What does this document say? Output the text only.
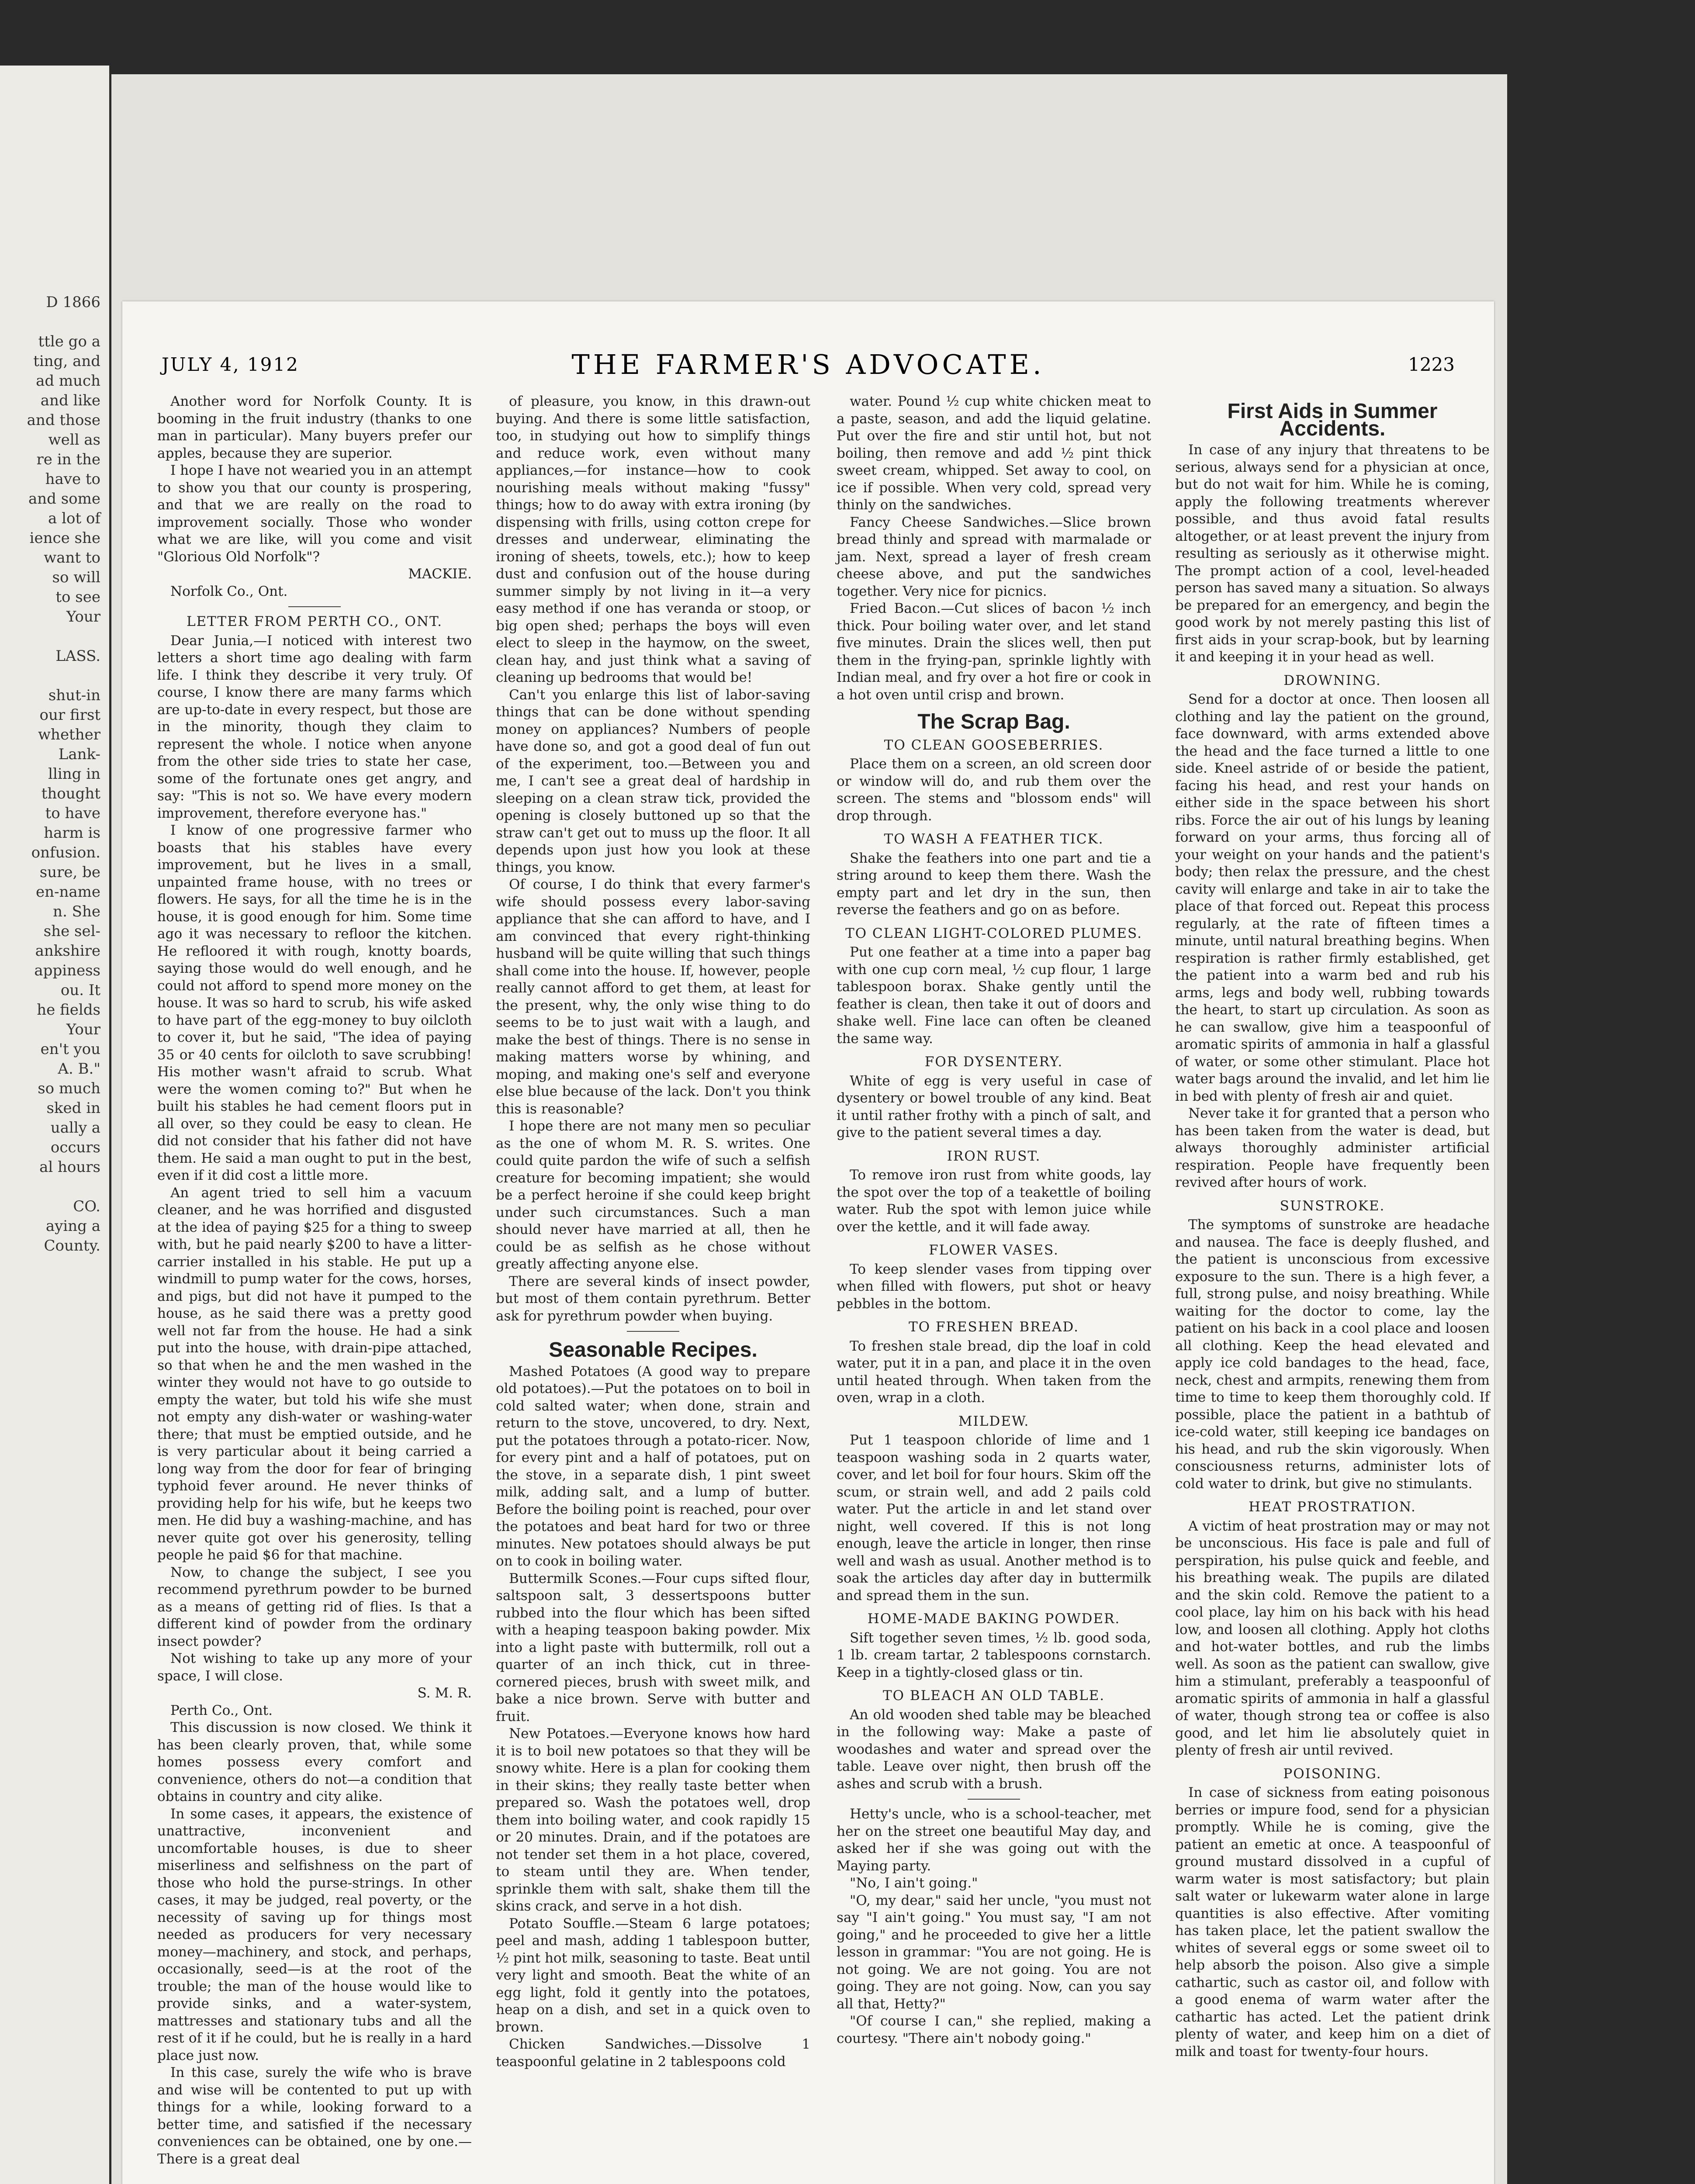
D 1866

ttle go a
ting, and
ad much
and like
and those
well as
re in the
have to
and some
a lot of
ience she
want to
so will
to see
Your

LASS.

shut-in
our first
whether
Lank-
lling in
thought
to have
harm is
onfusion.
sure, be
en-name
n. She
she sel-
ankshire
appiness
ou. It
he fields
Your
en't you
A. B."
so much
sked in
ually a
occurs
al hours

CO.
aying a
County.
JULY 4, 1912	THE FARMER'S ADVOCATE.	1223

Another word for Norfolk County. It is booming in the fruit industry (thanks to one man in particular). Many buyers prefer our apples, because they are superior.

I hope I have not wearied you in an attempt to show you that our county is prospering, and that we are really on the road to improvement socially. Those who wonder what we are like, will you come and visit "Glorious Old Norfolk"?

MACKIE.

Norfolk Co., Ont.

LETTER FROM PERTH CO., ONT.

Dear Junia,—I noticed with interest two letters a short time ago dealing with farm life. I think they describe it very truly. Of course, I know there are many farms which are up-to-date in every respect, but those are in the minority, though they claim to represent the whole. I notice when anyone from the other side tries to state her case, some of the fortunate ones get angry, and say: "This is not so. We have every modern improvement, therefore everyone has."

I know of one progressive farmer who boasts that his stables have every improvement, but he lives in a small, unpainted frame house, with no trees or flowers. He says, for all the time he is in the house, it is good enough for him. Some time ago it was necessary to refloor the kitchen. He refloored it with rough, knotty boards, saying those would do well enough, and he could not afford to spend more money on the house. It was so hard to scrub, his wife asked to have part of the egg-money to buy oilcloth to cover it, but he said, "The idea of paying 35 or 40 cents for oilcloth to save scrubbing! His mother wasn't afraid to scrub. What were the women coming to?" But when he built his stables he had cement floors put in all over, so they could be easy to clean. He did not consider that his father did not have them. He said a man ought to put in the best, even if it did cost a little more.

An agent tried to sell him a vacuum cleaner, and he was horrified and disgusted at the idea of paying $25 for a thing to sweep with, but he paid nearly $200 to have a litter-carrier installed in his stable. He put up a windmill to pump water for the cows, horses, and pigs, but did not have it pumped to the house, as he said there was a pretty good well not far from the house. He had a sink put into the house, with drain-pipe attached, so that when he and the men washed in the winter they would not have to go outside to empty the water, but told his wife she must not empty any dish-water or washing-water there; that must be emptied outside, and he is very particular about it being carried a long way from the door for fear of bringing typhoid fever around. He never thinks of providing help for his wife, but he keeps two men. He did buy a washing-machine, and has never quite got over his generosity, telling people he paid $6 for that machine.

Now, to change the subject, I see you recommend pyrethrum powder to be burned as a means of getting rid of flies. Is that a different kind of powder from the ordinary insect powder?

Not wishing to take up any more of your space, I will close.

S. M. R.

Perth Co., Ont.

This discussion is now closed. We think it has been clearly proven, that, while some homes possess every comfort and convenience, others do not—a condition that obtains in country and city alike.

In some cases, it appears, the existence of unattractive, inconvenient and uncomfortable houses, is due to sheer miserliness and selfishness on the part of those who hold the purse-strings. In other cases, it may be judged, real poverty, or the necessity of saving up for things most needed as producers for very necessary money—machinery, and stock, and perhaps, occasionally, seed—is at the root of the trouble; the man of the house would like to provide sinks, and a water-system, mattresses and stationary tubs and all the rest of it if he could, but he is really in a hard place just now.

In this case, surely the wife who is brave and wise will be contented to put up with things for a while, looking forward to a better time, and satisfied if the necessary conveniences can be obtained, one by one.—There is a great deal

of pleasure, you know, in this drawn-out buying. And there is some little satisfaction, too, in studying out how to simplify things and reduce work, even without many appliances,—for instance—how to cook nourishing meals without making "fussy" things; how to do away with extra ironing (by dispensing with frills, using cotton crepe for dresses and underwear, eliminating the ironing of sheets, towels, etc.); how to keep dust and confusion out of the house during summer simply by not living in it—a very easy method if one has veranda or stoop, or big open shed; perhaps the boys will even elect to sleep in the haymow, on the sweet, clean hay, and just think what a saving of cleaning up bedrooms that would be!

Can't you enlarge this list of labor-saving things that can be done without spending money on appliances? Numbers of people have done so, and got a good deal of fun out of the experiment, too.—Between you and me, I can't see a great deal of hardship in sleeping on a clean straw tick, provided the opening is closely buttoned up so that the straw can't get out to muss up the floor. It all depends upon just how you look at these things, you know.

Of course, I do think that every farmer's wife should possess every labor-saving appliance that she can afford to have, and I am convinced that every right-thinking husband will be quite willing that such things shall come into the house. If, however, people really cannot afford to get them, at least for the present, why, the only wise thing to do seems to be to just wait with a laugh, and make the best of things. There is no sense in making matters worse by whining, and moping, and making one's self and everyone else blue because of the lack. Don't you think this is reasonable?

I hope there are not many men so peculiar as the one of whom M. R. S. writes. One could quite pardon the wife of such a selfish creature for becoming impatient; she would be a perfect heroine if she could keep bright under such circumstances. Such a man should never have married at all, then he could be as selfish as he chose without greatly affecting anyone else.

There are several kinds of insect powder, but most of them contain pyrethrum. Better ask for pyrethrum powder when buying.

Seasonable Recipes.

Mashed Potatoes (A good way to prepare old potatoes).—Put the potatoes on to boil in cold salted water; when done, strain and return to the stove, uncovered, to dry. Next, put the potatoes through a potato-ricer. Now, for every pint and a half of potatoes, put on the stove, in a separate dish, 1 pint sweet milk, adding salt, and a lump of butter. Before the boiling point is reached, pour over the potatoes and beat hard for two or three minutes. New potatoes should always be put on to cook in boiling water.

Buttermilk Scones.—Four cups sifted flour, saltspoon salt, 3 dessertspoons butter rubbed into the flour which has been sifted with a heaping teaspoon baking powder. Mix into a light paste with buttermilk, roll out a quarter of an inch thick, cut in three-cornered pieces, brush with sweet milk, and bake a nice brown. Serve with butter and fruit.

New Potatoes.—Everyone knows how hard it is to boil new potatoes so that they will be snowy white. Here is a plan for cooking them in their skins; they really taste better when prepared so. Wash the potatoes well, drop them into boiling water, and cook rapidly 15 or 20 minutes. Drain, and if the potatoes are not tender set them in a hot place, covered, to steam until they are. When tender, sprinkle them with salt, shake them till the skins crack, and serve in a hot dish.

Potato Souffle.—Steam 6 large potatoes; peel and mash, adding 1 tablespoon butter, ½ pint hot milk, seasoning to taste. Beat until very light and smooth. Beat the white of an egg light, fold it gently into the potatoes, heap on a dish, and set in a quick oven to brown.

Chicken Sandwiches.—Dissolve 1 teaspoonful gelatine in 2 tablespoons cold

water. Pound ½ cup white chicken meat to a paste, season, and add the liquid gelatine. Put over the fire and stir until hot, but not boiling, then remove and add ½ pint thick sweet cream, whipped. Set away to cool, on ice if possible. When very cold, spread very thinly on the sandwiches.

Fancy Cheese Sandwiches.—Slice brown bread thinly and spread with marmalade or jam. Next, spread a layer of fresh cream cheese above, and put the sandwiches together. Very nice for picnics.

Fried Bacon.—Cut slices of bacon ½ inch thick. Pour boiling water over, and let stand five minutes. Drain the slices well, then put them in the frying-pan, sprinkle lightly with Indian meal, and fry over a hot fire or cook in a hot oven until crisp and brown.

The Scrap Bag.
TO CLEAN GOOSEBERRIES.

Place them on a screen, an old screen door or window will do, and rub them over the screen. The stems and "blossom ends" will drop through.

TO WASH A FEATHER TICK.

Shake the feathers into one part and tie a string around to keep them there. Wash the empty part and let dry in the sun, then reverse the feathers and go on as before.

TO CLEAN LIGHT-COLORED PLUMES.

Put one feather at a time into a paper bag with one cup corn meal, ½ cup flour, 1 large tablespoon borax. Shake gently until the feather is clean, then take it out of doors and shake well. Fine lace can often be cleaned the same way.

FOR DYSENTERY.

White of egg is very useful in case of dysentery or bowel trouble of any kind. Beat it until rather frothy with a pinch of salt, and give to the patient several times a day.

IRON RUST.

To remove iron rust from white goods, lay the spot over the top of a teakettle of boiling water. Rub the spot with lemon juice while over the kettle, and it will fade away.

FLOWER VASES.

To keep slender vases from tipping over when filled with flowers, put shot or heavy pebbles in the bottom.

TO FRESHEN BREAD.

To freshen stale bread, dip the loaf in cold water, put it in a pan, and place it in the oven until heated through. When taken from the oven, wrap in a cloth.

MILDEW.

Put 1 teaspoon chloride of lime and 1 teaspoon washing soda in 2 quarts water, cover, and let boil for four hours. Skim off the scum, or strain well, and add 2 pails cold water. Put the article in and let stand over night, well covered. If this is not long enough, leave the article in longer, then rinse well and wash as usual. Another method is to soak the articles day after day in buttermilk and spread them in the sun.

HOME-MADE BAKING POWDER.

Sift together seven times, ½ lb. good soda, 1 lb. cream tartar, 2 tablespoons cornstarch. Keep in a tightly-closed glass or tin.

TO BLEACH AN OLD TABLE.

An old wooden shed table may be bleached in the following way: Make a paste of woodashes and water and spread over the table. Leave over night, then brush off the ashes and scrub with a brush.

Hetty's uncle, who is a school-teacher, met her on the street one beautiful May day, and asked her if she was going out with the Maying party.

"No, I ain't going."

"O, my dear," said her uncle, "you must not say "I ain't going." You must say, "I am not going," and he proceeded to give her a little lesson in grammar: "You are not going. He is not going. We are not going. You are not going. They are not going. Now, can you say all that, Hetty?"

"Of course I can," she replied, making a courtesy. "There ain't nobody going."

First Aids in Summer Accidents.

In case of any injury that threatens to be serious, always send for a physician at once, but do not wait for him. While he is coming, apply the following treatments wherever possible, and thus avoid fatal results altogether, or at least prevent the injury from resulting as seriously as it otherwise might. The prompt action of a cool, level-headed person has saved many a situation. So always be prepared for an emergency, and begin the good work by not merely pasting this list of first aids in your scrap-book, but by learning it and keeping it in your head as well.

DROWNING.

Send for a doctor at once. Then loosen all clothing and lay the patient on the ground, face downward, with arms extended above the head and the face turned a little to one side. Kneel astride of or beside the patient, facing his head, and rest your hands on either side in the space between his short ribs. Force the air out of his lungs by leaning forward on your arms, thus forcing all of your weight on your hands and the patient's body; then relax the pressure, and the chest cavity will enlarge and take in air to take the place of that forced out. Repeat this process regularly, at the rate of fifteen times a minute, until natural breathing begins. When respiration is rather firmly established, get the patient into a warm bed and rub his arms, legs and body well, rubbing towards the heart, to start up circulation. As soon as he can swallow, give him a teaspoonful of aromatic spirits of ammonia in half a glassful of water, or some other stimulant. Place hot water bags around the invalid, and let him lie in bed with plenty of fresh air and quiet.

Never take it for granted that a person who has been taken from the water is dead, but always thoroughly administer artificial respiration. People have frequently been revived after hours of work.

SUNSTROKE.

The symptoms of sunstroke are headache and nausea. The face is deeply flushed, and the patient is unconscious from excessive exposure to the sun. There is a high fever, a full, strong pulse, and noisy breathing. While waiting for the doctor to come, lay the patient on his back in a cool place and loosen all clothing. Keep the head elevated and apply ice cold bandages to the head, face, neck, chest and armpits, renewing them from time to time to keep them thoroughly cold. If possible, place the patient in a bathtub of ice-cold water, still keeping ice bandages on his head, and rub the skin vigorously. When consciousness returns, administer lots of cold water to drink, but give no stimulants.

HEAT PROSTRATION.

A victim of heat prostration may or may not be unconscious. His face is pale and full of perspiration, his pulse quick and feeble, and his breathing weak. The pupils are dilated and the skin cold. Remove the patient to a cool place, lay him on his back with his head low, and loosen all clothing. Apply hot cloths and hot-water bottles, and rub the limbs well. As soon as the patient can swallow, give him a stimulant, preferably a teaspoonful of aromatic spirits of ammonia in half a glassful of water, though strong tea or coffee is also good, and let him lie absolutely quiet in plenty of fresh air until revived.

POISONING.

In case of sickness from eating poisonous berries or impure food, send for a physician promptly. While he is coming, give the patient an emetic at once. A teaspoonful of ground mustard dissolved in a cupful of warm water is most satisfactory; but plain salt water or lukewarm water alone in large quantities is also effective. After vomiting has taken place, let the patient swallow the whites of several eggs or some sweet oil to help absorb the poison. Also give a simple cathartic, such as castor oil, and follow with a good enema of warm water after the cathartic has acted. Let the patient drink plenty of water, and keep him on a diet of milk and toast for twenty-four hours.
